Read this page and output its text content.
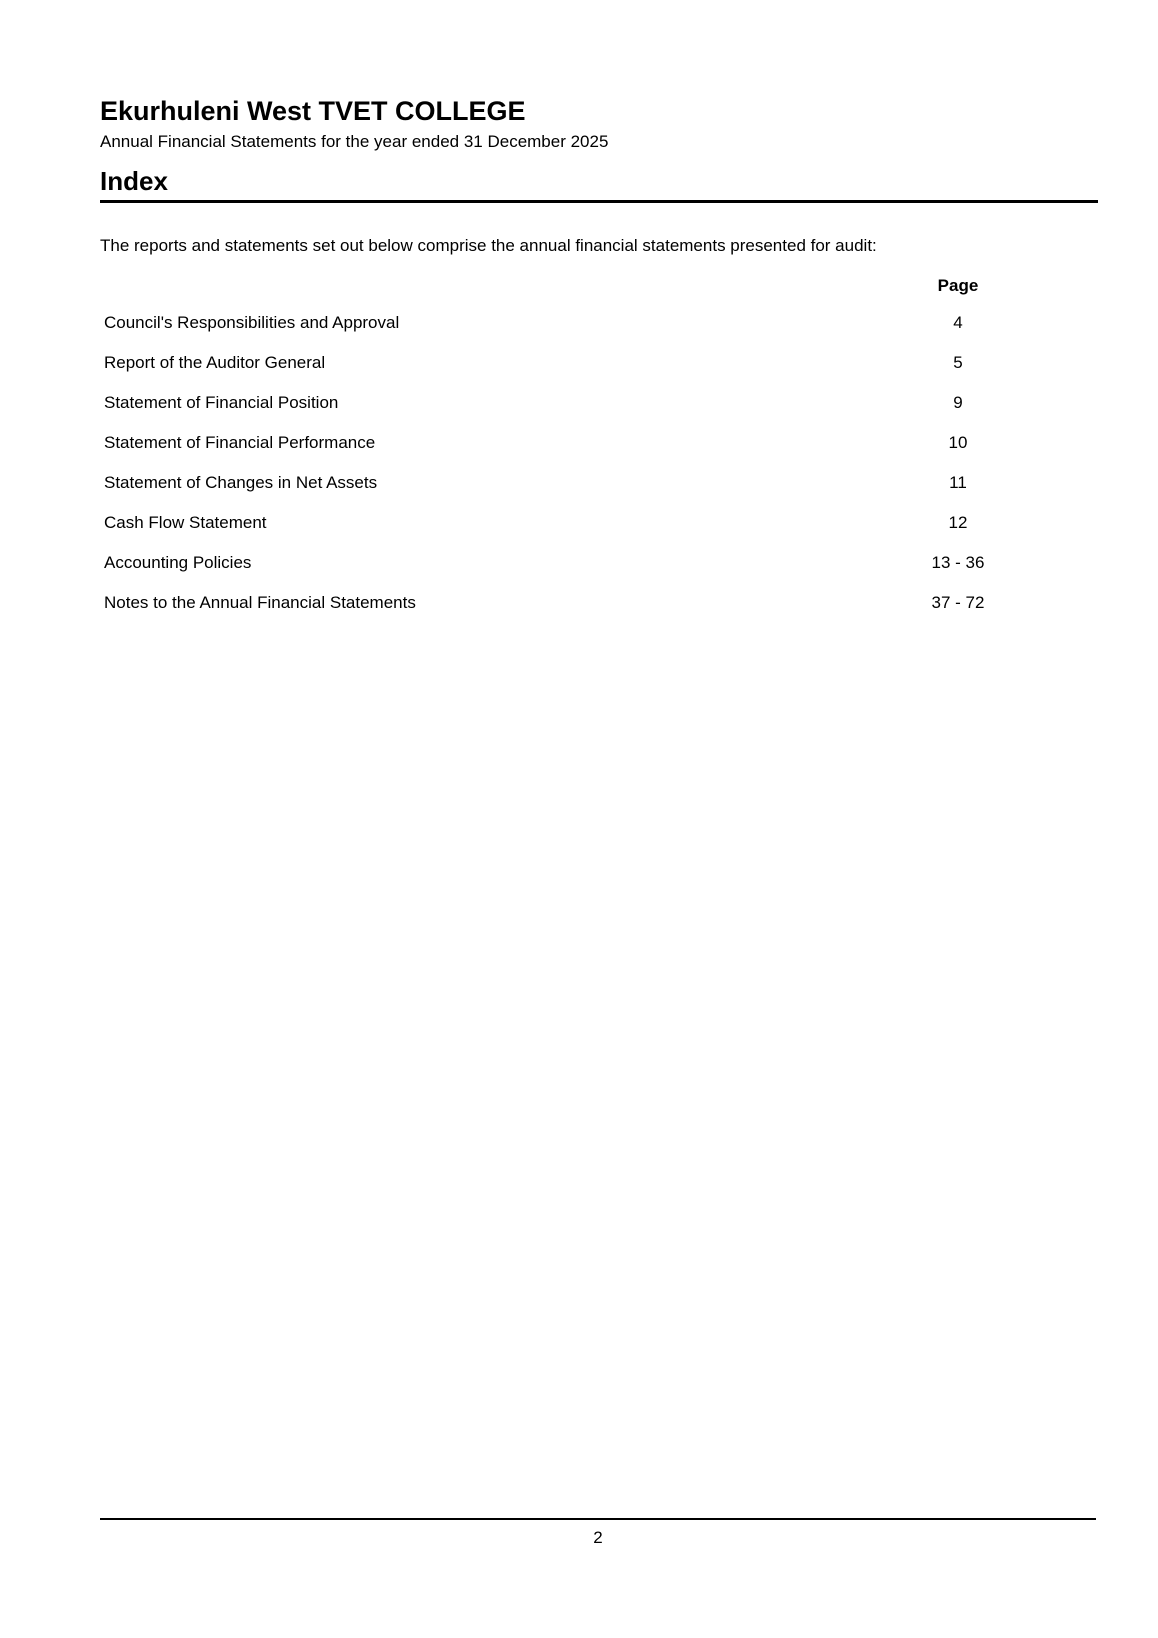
Ekurhuleni West TVET COLLEGE
Annual Financial Statements for the year ended 31 December 2025
Index
The reports and statements set out below comprise the annual financial statements presented for audit:
Page
Council's Responsibilities and Approval	4
Report of the Auditor General	5
Statement of Financial Position	9
Statement of Financial Performance	10
Statement of Changes in Net Assets	11
Cash Flow Statement	12
Accounting Policies	13 - 36
Notes to the Annual Financial Statements	37 - 72
2
